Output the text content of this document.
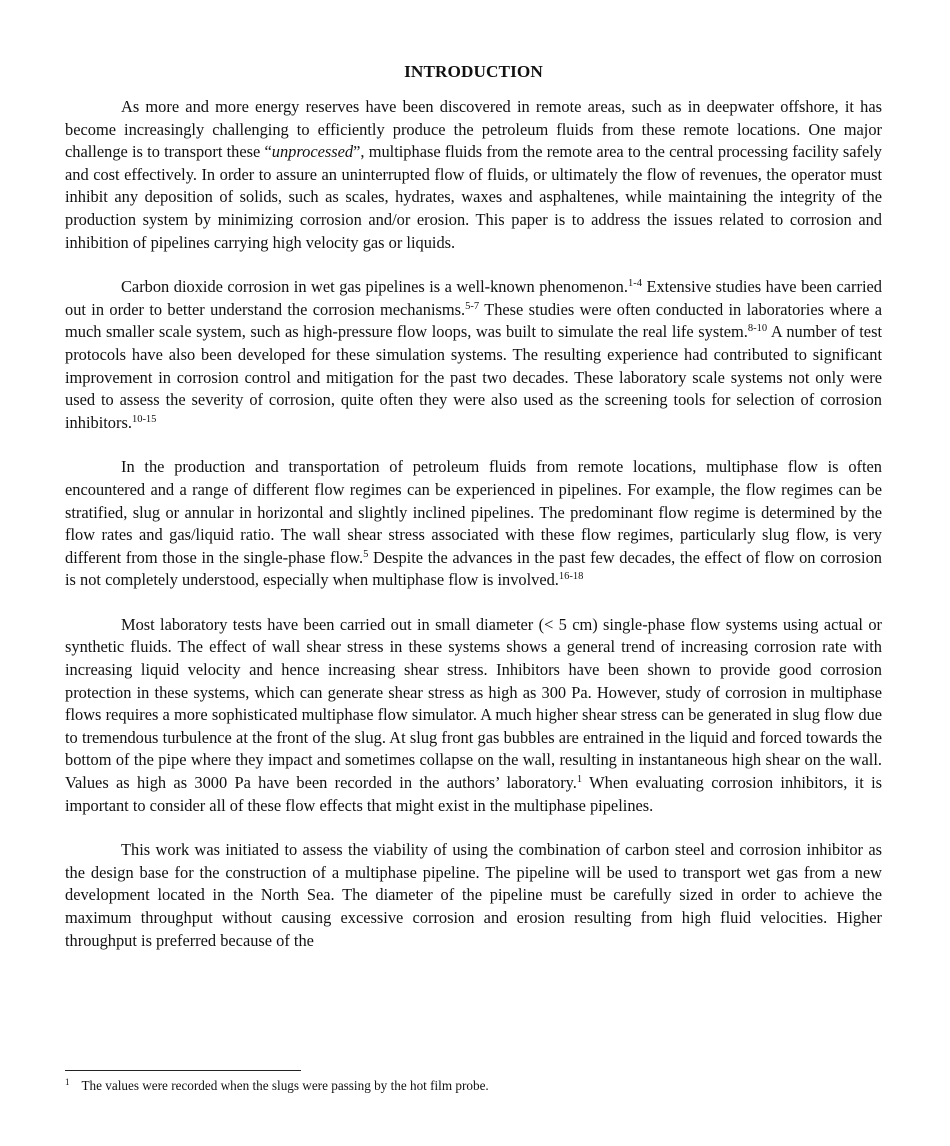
INTRODUCTION

As more and more energy reserves have been discovered in remote areas, such as in deepwater offshore, it has become increasingly challenging to efficiently produce the petroleum fluids from these remote locations. One major challenge is to transport these “unprocessed”, multiphase fluids from the remote area to the central processing facility safely and cost effectively. In order to assure an uninterrupted flow of fluids, or ultimately the flow of revenues, the operator must inhibit any deposition of solids, such as scales, hydrates, waxes and asphaltenes, while maintaining the integrity of the production system by minimizing corrosion and/or erosion. This paper is to address the issues related to corrosion and inhibition of pipelines carrying high velocity gas or liquids.

Carbon dioxide corrosion in wet gas pipelines is a well-known phenomenon.$^{1-4}$ Extensive studies have been carried out in order to better understand the corrosion mechanisms.$^{5-7}$ These studies were often conducted in laboratories where a much smaller scale system, such as high-pressure flow loops, was built to simulate the real life system.$^{8-10}$ A number of test protocols have also been developed for these simulation systems. The resulting experience had contributed to significant improvement in corrosion control and mitigation for the past two decades. These laboratory scale systems not only were used to assess the severity of corrosion, quite often they were also used as the screening tools for selection of corrosion inhibitors.$^{10-15}$

In the production and transportation of petroleum fluids from remote locations, multiphase flow is often encountered and a range of different flow regimes can be experienced in pipelines. For example, the flow regimes can be stratified, slug or annular in horizontal and slightly inclined pipelines. The predominant flow regime is determined by the flow rates and gas/liquid ratio. The wall shear stress associated with these flow regimes, particularly slug flow, is very different from those in the single-phase flow.$^5$ Despite the advances in the past few decades, the effect of flow on corrosion is not completely understood, especially when multiphase flow is involved.$^{16-18}$

Most laboratory tests have been carried out in small diameter (< 5 cm) single-phase flow systems using actual or synthetic fluids. The effect of wall shear stress in these systems shows a general trend of increasing corrosion rate with increasing liquid velocity and hence increasing shear stress. Inhibitors have been shown to provide good corrosion protection in these systems, which can generate shear stress as high as 300 Pa. However, study of corrosion in multiphase flows requires a more sophisticated multiphase flow simulator. A much higher shear stress can be generated in slug flow due to tremendous turbulence at the front of the slug. At slug front gas bubbles are entrained in the liquid and forced towards the bottom of the pipe where they impact and sometimes collapse on the wall, resulting in instantaneous high shear on the wall. Values as high as 3000 Pa have been recorded in the authors’ laboratory.$^1$ When evaluating corrosion inhibitors, it is important to consider all of these flow effects that might exist in the multiphase pipelines.

This work was initiated to assess the viability of using the combination of carbon steel and corrosion inhibitor as the design base for the construction of a multiphase pipeline. The pipeline will be used to transport wet gas from a new development located in the North Sea. The diameter of the pipeline must be carefully sized in order to achieve the maximum throughput without causing excessive corrosion and erosion resulting from high fluid velocities. Higher throughput is preferred because of the

$^1$ The values were recorded when the slugs were passing by the hot film probe.
